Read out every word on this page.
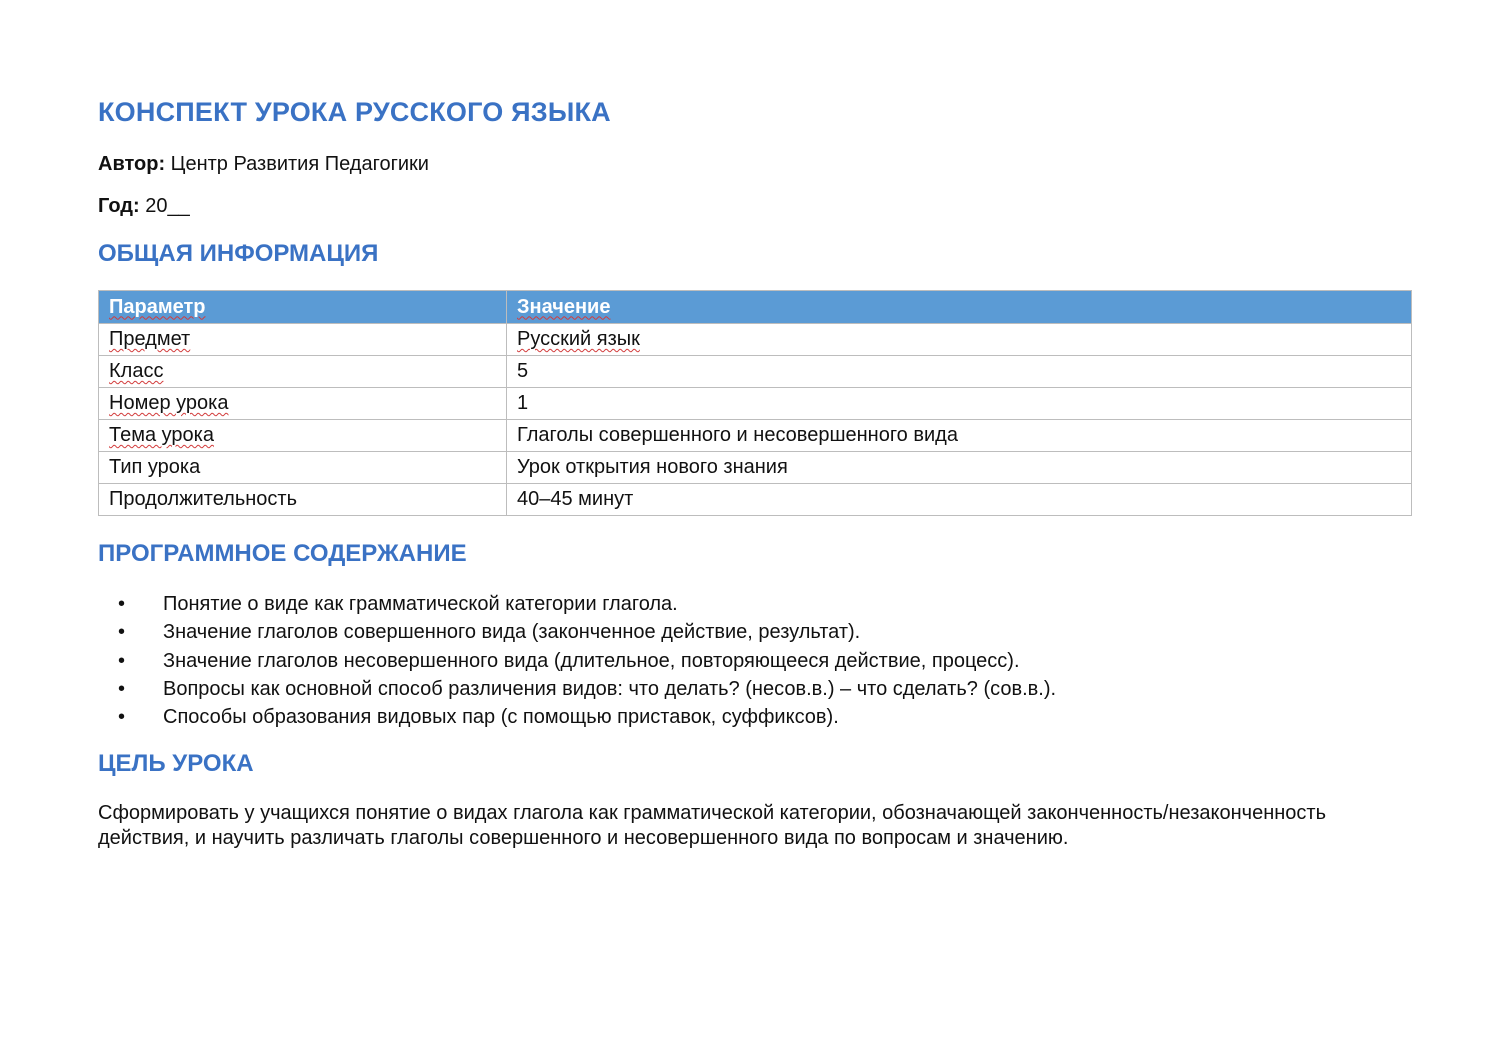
КОНСПЕКТ УРОКА РУССКОГО ЯЗЫКА

Автор: Центр Развития Педагогики

Год: 20__

ОБЩАЯ ИНФОРМАЦИЯ
Параметр	Значение
Предмет	Русский язык
Класс	5
Номер урока	1
Тема урока	Глаголы совершенного и несовершенного вида
Тип урока	Урок открытия нового знания
Продолжительность	40–45 минут
ПРОГРАММНОЕ СОДЕРЖАНИЕ
• Понятие о виде как грамматической категории глагола.
• Значение глаголов совершенного вида (законченное действие, результат).
• Значение глаголов несовершенного вида (длительное, повторяющееся действие, процесс).
• Вопросы как основной способ различения видов: что делать? (несов.в.) – что сделать? (сов.в.).
• Способы образования видовых пар (с помощью приставок, суффиксов).
ЦЕЛЬ УРОКА

Сформировать у учащихся понятие о видах глагола как грамматической категории, обозначающей законченность/незаконченность действия, и научить различать глаголы совершенного и несовершенного вида по вопросам и значению.
